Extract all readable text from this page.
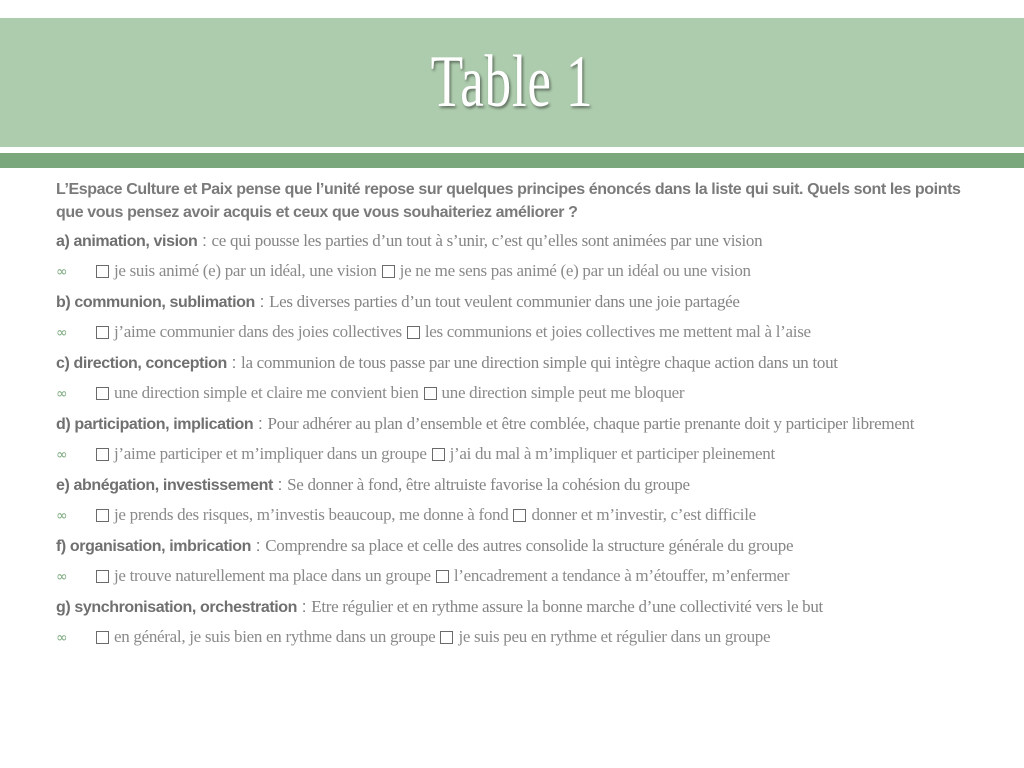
Table 1
L’Espace Culture et Paix pense que l’unité repose sur quelques principes énoncés dans la liste qui suit. Quels sont les points que vous pensez avoir acquis et ceux que vous souhaiteriez améliorer ?
a) animation, vision : ce qui pousse les parties d’un tout à s’unir, c’est qu’elles sont animées par une vision
∞	je suis animé (e) par un idéal, une vision je ne me sens pas animé (e) par un idéal ou une vision
b) communion, sublimation : Les diverses parties d’un tout veulent communier dans une joie partagée
∞	j’aime communier dans des joies collectives les communions et joies collectives me mettent mal à l’aise
c) direction, conception : la communion de tous passe par une direction simple qui intègre chaque action dans un tout
∞	une direction simple et claire me convient bien une direction simple peut me bloquer
d) participation, implication : Pour adhérer au plan d’ensemble et être comblée, chaque partie prenante doit y participer librement
∞	j’aime participer et m’impliquer dans un groupe j’ai du mal à m’impliquer et participer pleinement
e) abnégation, investissement : Se donner à fond, être altruiste favorise la cohésion du groupe
∞	je prends des risques, m’investis beaucoup, me donne à fond donner et m’investir, c’est difficile
f) organisation, imbrication : Comprendre sa place et celle des autres consolide la structure générale du groupe
∞	je trouve naturellement ma place dans un groupe l’encadrement a tendance à m’étouffer, m’enfermer
g) synchronisation, orchestration : Etre régulier et en rythme assure la bonne marche d’une collectivité vers le but
∞	en général, je suis bien en rythme dans un groupe je suis peu en rythme et régulier dans un groupe
